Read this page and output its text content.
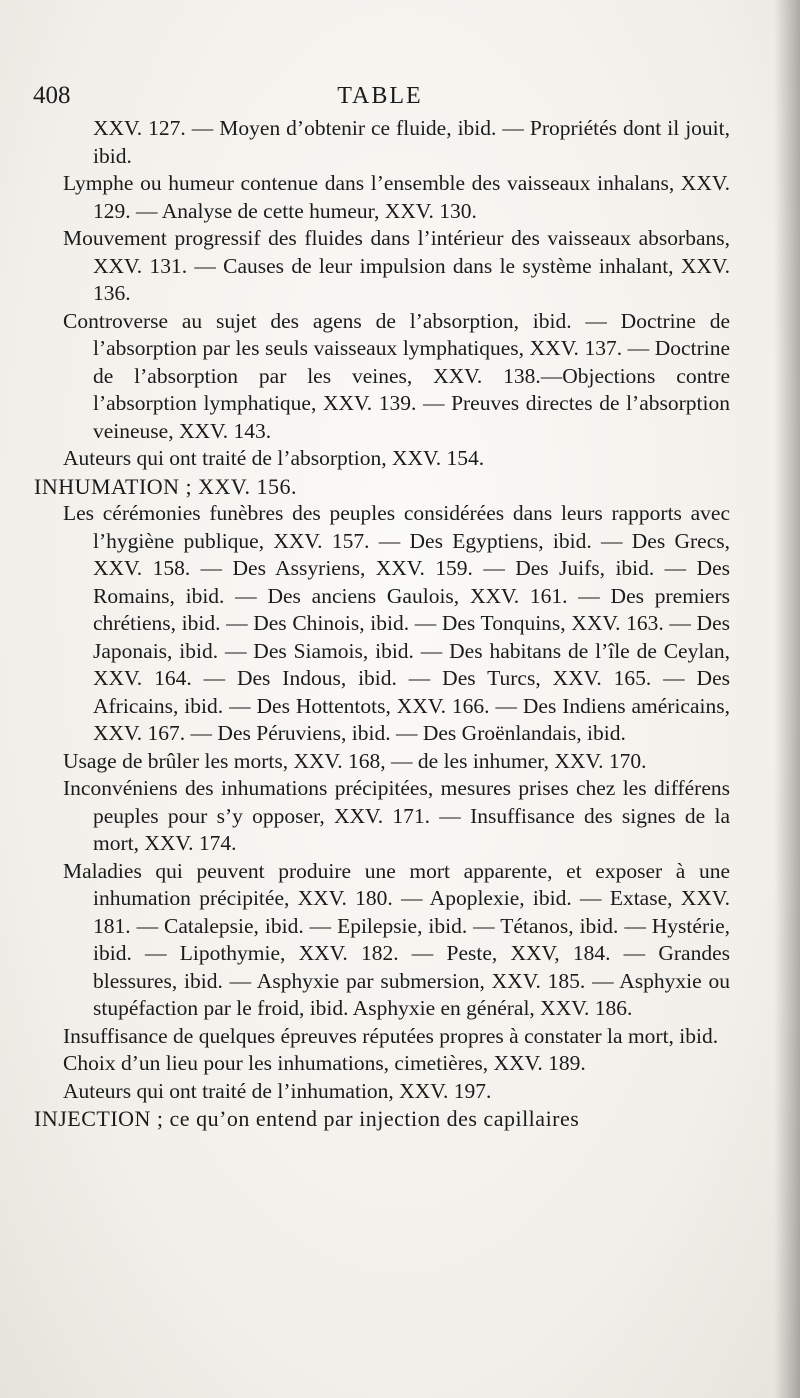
408	TABLE

XXV. 127. — Moyen d’obtenir ce fluide, ibid. — Propriétés dont il jouit, ibid.

Lymphe ou humeur contenue dans l’ensemble des vaisseaux inhalans, XXV. 129. — Analyse de cette humeur, XXV. 130.

Mouvement progressif des fluides dans l’intérieur des vaisseaux absorbans, XXV. 131. — Causes de leur impulsion dans le système inhalant, XXV. 136.

Controverse au sujet des agens de l’absorption, ibid. — Doctrine de l’absorption par les seuls vaisseaux lymphatiques, XXV. 137. — Doctrine de l’absorption par les veines, XXV. 138.—Objections contre l’absorption lymphatique, XXV. 139. — Preuves directes de l’absorption veineuse, XXV. 143.

Auteurs qui ont traité de l’absorption, XXV. 154.

INHUMATION ; XXV. 156.

Les cérémonies funèbres des peuples considérées dans leurs rapports avec l’hygiène publique, XXV. 157. — Des Egyptiens, ibid. — Des Grecs, XXV. 158. — Des Assyriens, XXV. 159. — Des Juifs, ibid. — Des Romains, ibid. — Des anciens Gaulois, XXV. 161. — Des premiers chrétiens, ibid. — Des Chinois, ibid. — Des Tonquins, XXV. 163. — Des Japonais, ibid. — Des Siamois, ibid. — Des habitans de l’île de Ceylan, XXV. 164. — Des Indous, ibid. — Des Turcs, XXV. 165. — Des Africains, ibid. — Des Hottentots, XXV. 166. — Des Indiens américains, XXV. 167. — Des Péruviens, ibid. — Des Groënlandais, ibid.

Usage de brûler les morts, XXV. 168, — de les inhumer, XXV. 170.

Inconvéniens des inhumations précipitées, mesures prises chez les différens peuples pour s’y opposer, XXV. 171. — Insuffisance des signes de la mort, XXV. 174.

Maladies qui peuvent produire une mort apparente, et exposer à une inhumation précipitée, XXV. 180. — Apoplexie, ibid. — Extase, XXV. 181. — Catalepsie, ibid. — Epilepsie, ibid. — Tétanos, ibid. — Hystérie, ibid. — Lipothymie, XXV. 182. — Peste, XXV, 184. — Grandes blessures, ibid. — Asphyxie par submersion, XXV. 185. — Asphyxie ou stupéfaction par le froid, ibid. Asphyxie en général, XXV. 186.

Insuffisance de quelques épreuves réputées propres à constater la mort, ibid.

Choix d’un lieu pour les inhumations, cimetières, XXV. 189.

Auteurs qui ont traité de l’inhumation, XXV. 197.

INJECTION ; ce qu’on entend par injection des capillaires
